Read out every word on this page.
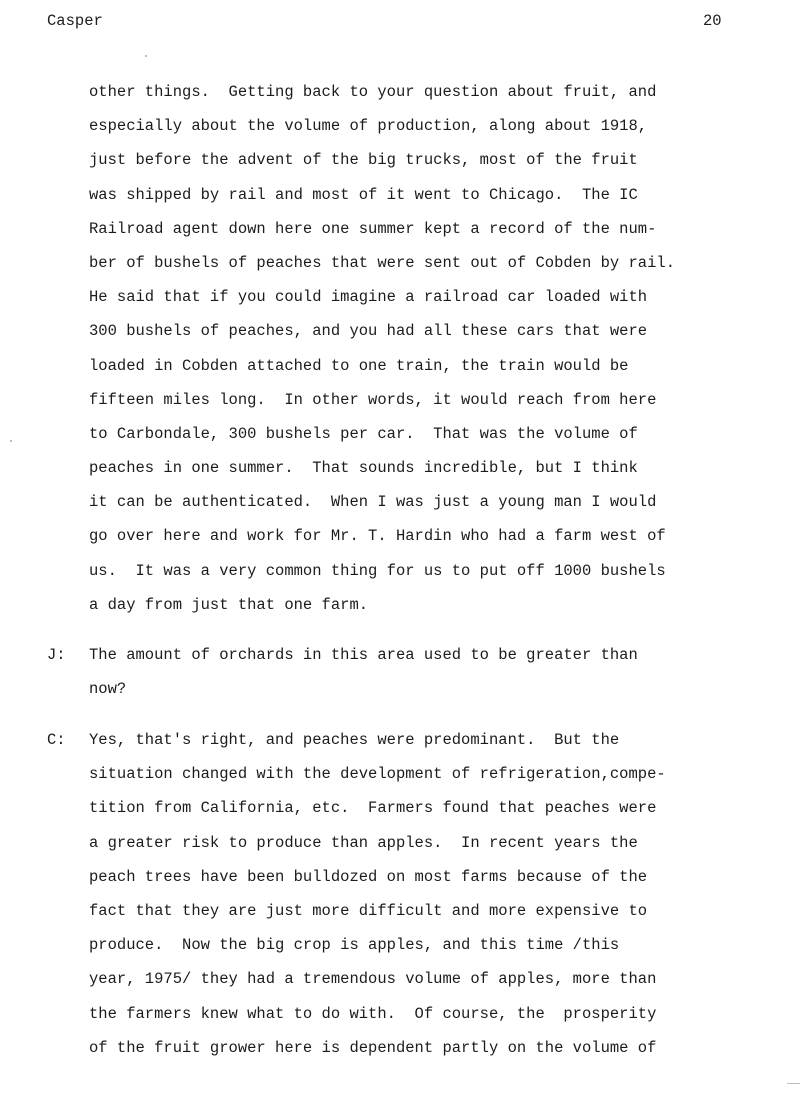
Casper	20
other things.  Getting back to your question about fruit, and
especially about the volume of production, along about 1918,
just before the advent of the big trucks, most of the fruit
was shipped by rail and most of it went to Chicago.  The IC
Railroad agent down here one summer kept a record of the num-
ber of bushels of peaches that were sent out of Cobden by rail.
He said that if you could imagine a railroad car loaded with
300 bushels of peaches, and you had all these cars that were
loaded in Cobden attached to one train, the train would be
fifteen miles long.  In other words, it would reach from here
to Carbondale, 300 bushels per car.  That was the volume of
peaches in one summer.  That sounds incredible, but I think
it can be authenticated.  When I was just a young man I would
go over here and work for Mr. T. Hardin who had a farm west of
us.  It was a very common thing for us to put off 1000 bushels
a day from just that one farm.
J: The amount of orchards in this area used to be greater than
now?
C: Yes, that's right, and peaches were predominant.  But the
situation changed with the development of refrigeration,compe-
tition from California, etc.  Farmers found that peaches were
a greater risk to produce than apples.  In recent years the
peach trees have been bulldozed on most farms because of the
fact that they are just more difficult and more expensive to
produce.  Now the big crop is apples, and this time /this
year, 1975/ they had a tremendous volume of apples, more than
the farmers knew what to do with.  Of course, the  prosperity
of the fruit grower here is dependent partly on the volume of
